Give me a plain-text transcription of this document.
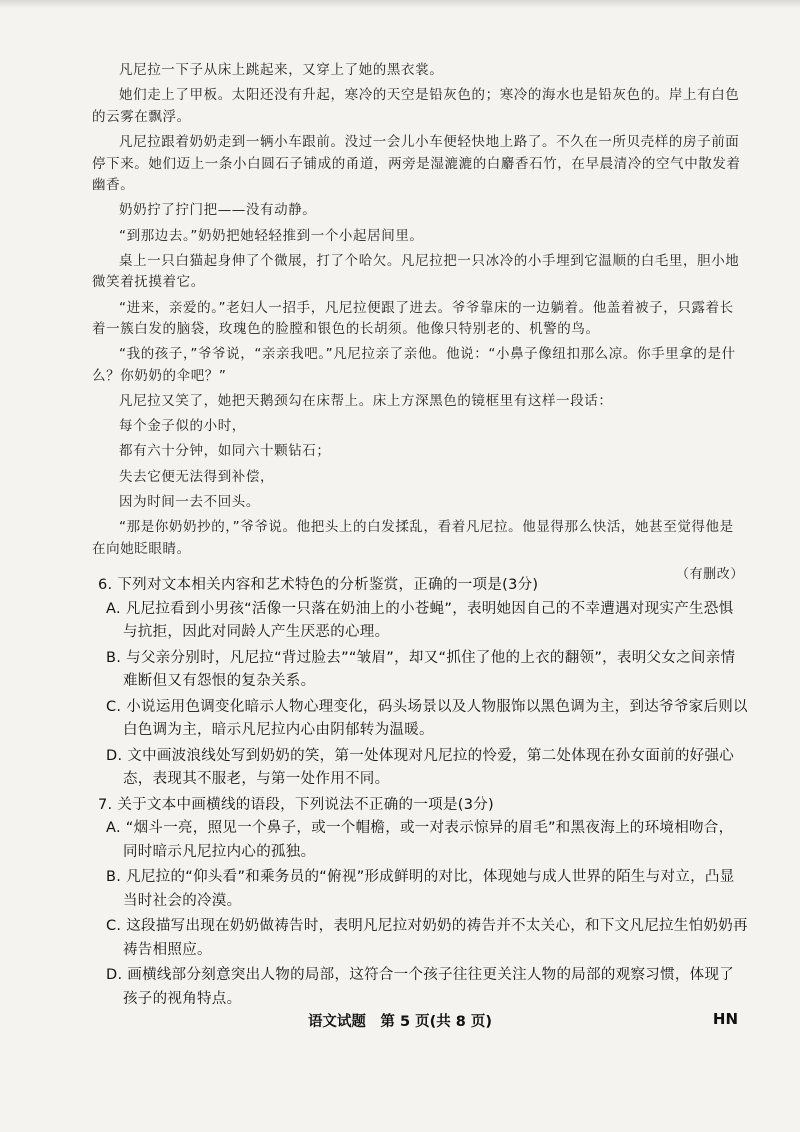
凡尼拉一下子从床上跳起来，又穿上了她的黑衣裳。

她们走上了甲板。太阳还没有升起，寒冷的天空是铅灰色的；寒冷的海水也是铅灰色的。岸上有白色的云雾在飘浮。

凡尼拉跟着奶奶走到一辆小车跟前。没过一会儿小车便轻快地上路了。不久在一所贝壳样的房子前面停下来。她们迈上一条小白圆石子铺成的甬道，两旁是湿漉漉的白麝香石竹，在早晨清冷的空气中散发着幽香。

奶奶拧了拧门把——没有动静。

“到那边去。”奶奶把她轻轻推到一个小起居间里。

桌上一只白猫起身伸了个微展，打了个哈欠。凡尼拉把一只冰冷的小手埋到它温顺的白毛里，胆小地微笑着抚摸着它。

“进来，亲爱的。”老妇人一招手，凡尼拉便跟了进去。爷爷靠床的一边躺着。他盖着被子，只露着长着一簇白发的脑袋，玫瑰色的脸膛和银色的长胡须。他像只特别老的、机警的鸟。

“我的孩子，”爷爷说，“亲亲我吧。”凡尼拉亲了亲他。他说：“小鼻子像纽扣那么凉。你手里拿的是什么？你奶奶的伞吧？”

凡尼拉又笑了，她把天鹅颈勾在床帮上。床上方深黑色的镜框里有这样一段话：

每个金子似的小时，
都有六十分钟，如同六十颗钻石；
失去它便无法得到补偿，
因为时间一去不回头。

“那是你奶奶抄的，”爷爷说。他把头上的白发揉乱，看着凡尼拉。他显得那么快活，她甚至觉得他是在向她眨眼睛。

（有删改）
6. 下列对文本相关内容和艺术特色的分析鉴赏，正确的一项是(3分)
A. 凡尼拉看到小男孩“活像一只落在奶油上的小苍蝇”，表明她因自己的不幸遭遇对现实产生恐惧与抗拒，因此对同龄人产生厌恶的心理。
B. 与父亲分别时，凡尼拉“背过脸去”“皱眉”，却又“抓住了他的上衣的翻领”，表明父女之间亲情难断但又有怨恨的复杂关系。
C. 小说运用色调变化暗示人物心理变化，码头场景以及人物服饰以黑色调为主，到达爷爷家后则以白色调为主，暗示凡尼拉内心由阴郁转为温暖。
D. 文中画波浪线处写到奶奶的笑，第一处体现对凡尼拉的怜爱，第二处体现在孙女面前的好强心态，表现其不服老，与第一处作用不同。
7. 关于文本中画横线的语段，下列说法不正确的一项是(3分)
A. “烟斗一亮，照见一个鼻子，或一个帽檐，或一对表示惊异的眉毛”和黑夜海上的环境相吻合，同时暗示凡尼拉内心的孤独。
B. 凡尼拉的“仰头看”和乘务员的“俯视”形成鲜明的对比，体现她与成人世界的陌生与对立，凸显当时社会的冷漠。
C. 这段描写出现在奶奶做祷告时，表明凡尼拉对奶奶的祷告并不太关心，和下文凡尼拉生怕奶奶再祷告相照应。
D. 画横线部分刻意突出人物的局部，这符合一个孩子往往更关注人物的局部的观察习惯，体现了孩子的视角特点。
语文试题　第 5 页(共 8 页)	HN
